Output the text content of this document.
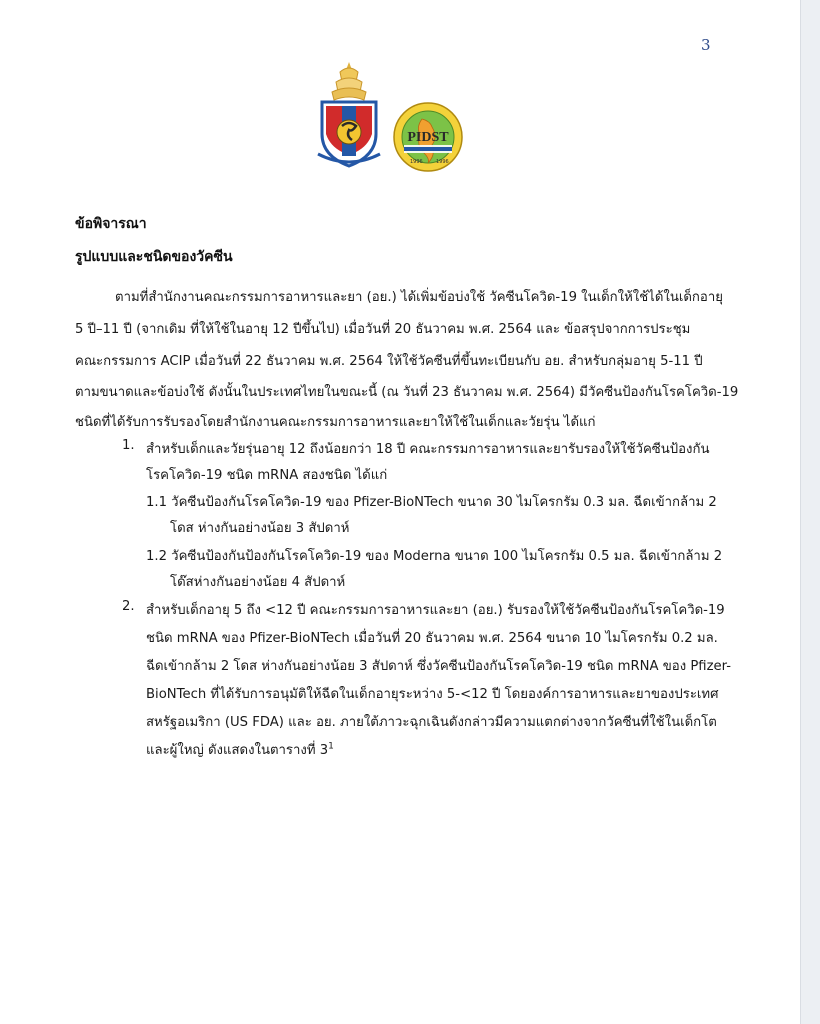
3
PIDST
1996	1996
ข้อพิจารณา
รูปแบบและชนิดของวัคซีน
ตามที่สำนักงานคณะกรรมการอาหารและยา (อย.) ได้เพิ่มข้อบ่งใช้ วัคซีนโควิด-19 ในเด็กให้ใช้ได้ในเด็กอายุ
5 ปี–11 ปี (จากเดิม ที่ให้ใช้ในอายุ 12 ปีขึ้นไป) เมื่อวันที่ 20 ธันวาคม พ.ศ. 2564 และ ข้อสรุปจากการประชุม
คณะกรรมการ ACIP เมื่อวันที่ 22 ธันวาคม พ.ศ. 2564 ให้ใช้วัคซีนที่ขึ้นทะเบียนกับ อย. สำหรับกลุ่มอายุ 5-11 ปี
ตามขนาดและข้อบ่งใช้ ดังนั้นในประเทศไทยในขณะนี้ (ณ วันที่ 23 ธันวาคม พ.ศ. 2564) มีวัคซีนป้องกันโรคโควิด-19
ชนิดที่ได้รับการรับรองโดยสำนักงานคณะกรรมการอาหารและยาให้ใช้ในเด็กและวัยรุ่น ได้แก่
1. สำหรับเด็กและวัยรุ่นอายุ 12 ถึงน้อยกว่า 18 ปี คณะกรรมการอาหารและยารับรองให้ใช้วัคซีนป้องกัน
โรคโควิด-19 ชนิด mRNA สองชนิด ได้แก่
1.1 วัคซีนป้องกันโรคโควิด-19 ของ Pfizer-BioNTech ขนาด 30 ไมโครกรัม 0.3 มล. ฉีดเข้ากล้าม 2
โดส ห่างกันอย่างน้อย 3 สัปดาห์
1.2 วัคซีนป้องกันป้องกันโรคโควิด-19 ของ Moderna ขนาด 100 ไมโครกรัม 0.5 มล. ฉีดเข้ากล้าม 2
โด๊สห่างกันอย่างน้อย 4 สัปดาห์
2. สำหรับเด็กอายุ 5 ถึง <12 ปี คณะกรรมการอาหารและยา (อย.) รับรองให้ใช้วัคซีนป้องกันโรคโควิด-19
ชนิด mRNA ของ Pfizer-BioNTech เมื่อวันที่ 20 ธันวาคม พ.ศ. 2564 ขนาด 10 ไมโครกรัม 0.2 มล.
ฉีดเข้ากล้าม 2 โดส ห่างกันอย่างน้อย 3 สัปดาห์ ซึ่งวัคซีนป้องกันโรคโควิด-19 ชนิด mRNA ของ Pfizer-
BioNTech ที่ได้รับการอนุมัติให้ฉีดในเด็กอายุระหว่าง 5-<12 ปี โดยองค์การอาหารและยาของประเทศ
สหรัฐอเมริกา (US FDA) และ อย. ภายใต้ภาวะฉุกเฉินดังกล่าวมีความแตกต่างจากวัคซีนที่ใช้ในเด็กโต
และผู้ใหญ่ ดังแสดงในตารางที่ $3^1$
